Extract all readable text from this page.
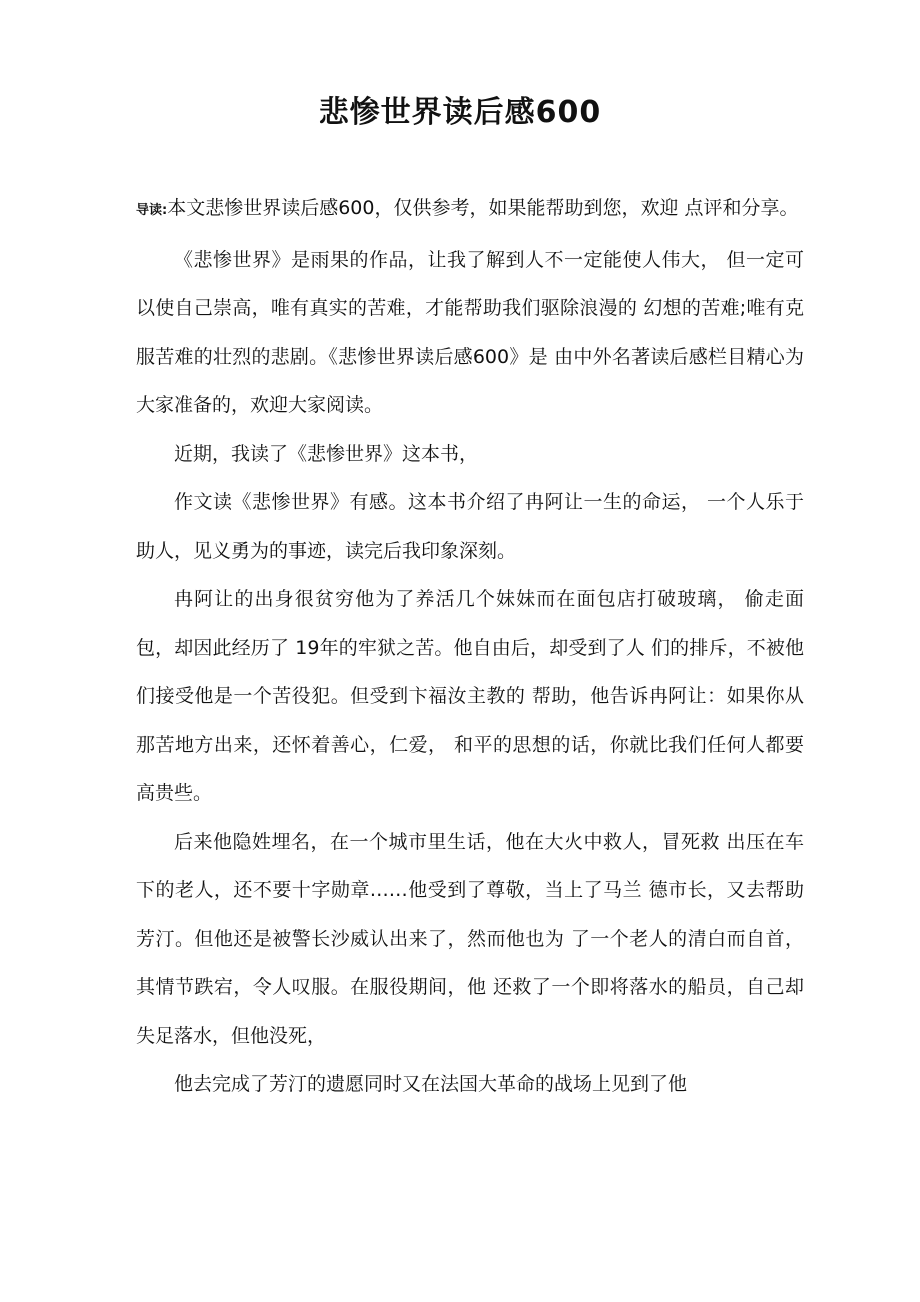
悲惨世界读后感600

导读:本文悲惨世界读后感600，仅供参考，如果能帮助到您，欢迎 点评和分享。

《悲惨世界》是雨果的作品，让我了解到人不一定能使人伟大， 但一定可以使自己崇高，唯有真实的苦难，才能帮助我们驱除浪漫的 幻想的苦难;唯有克服苦难的壮烈的悲剧。《悲惨世界读后感600》是 由中外名著读后感栏目精心为大家准备的，欢迎大家阅读。

近期，我读了《悲惨世界》这本书，

作文读《悲惨世界》有感。这本书介绍了冉阿让一生的命运， 一个人乐于助人，见义勇为的事迹，读完后我印象深刻。

冉阿让的出身很贫穷他为了养活几个妹妹而在面包店打破玻璃， 偷走面包，却因此经历了 19年的牢狱之苦。他自由后，却受到了人 们的排斥，不被他们接受他是一个苦役犯。但受到卞福汝主教的 帮助，他告诉冉阿让：如果你从那苦地方出来，还怀着善心，仁爱， 和平的思想的话，你就比我们任何人都要高贵些。

后来他隐姓埋名，在一个城市里生话，他在大火中救人，冒死救 出压在车下的老人，还不要十字勋章……他受到了尊敬，当上了马兰 德市长，又去帮助芳汀。但他还是被警长沙威认出来了，然而他也为 了一个老人的清白而自首，其情节跌宕，令人叹服。在服役期间，他 还救了一个即将落水的船员，自己却失足落水，但他没死，

他去完成了芳汀的遗愿同时又在法国大革命的战场上见到了他
